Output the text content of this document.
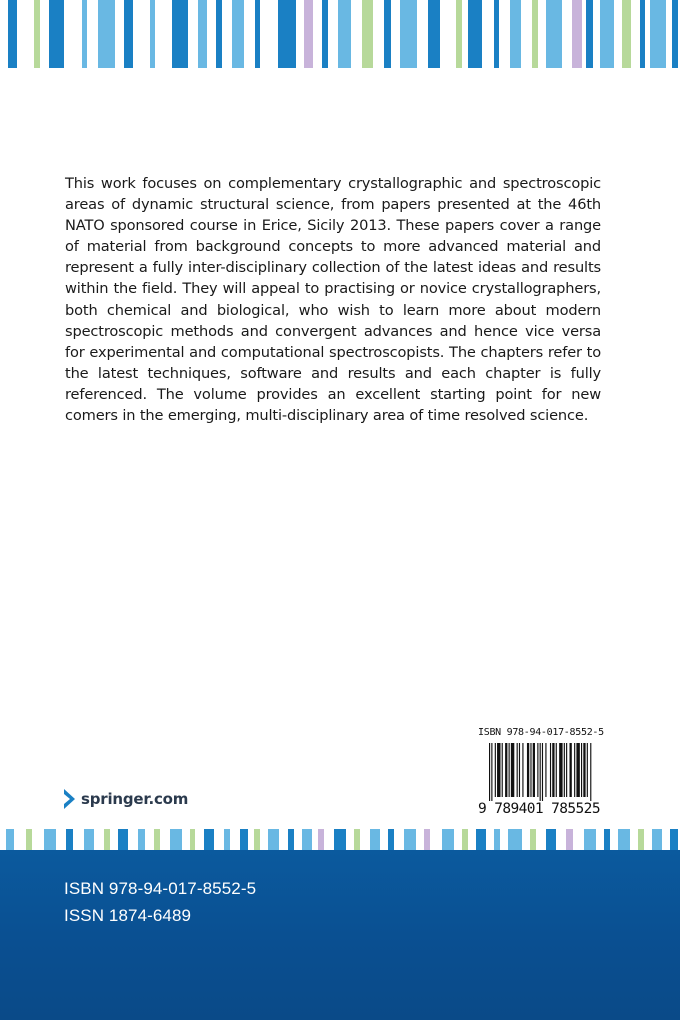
This work focuses on complementary crystallographic and spectroscopic areas of dynamic structural science, from papers presented at the 46th NATO sponsored course in Erice, Sicily 2013. These papers cover a range of material from background concepts to more advanced material and represent a fully inter-disciplinary collection of the latest ideas and results within the field. They will appeal to practising or novice crystallographers, both chemical and biological, who wish to learn more about modern spectroscopic methods and convergent advances and hence vice versa for experimental and computational spectroscopists. The chapters refer to the latest techniques, software and results and each chapter is fully referenced. The volume provides an excellent starting point for new comers in the emerging, multi-disciplinary area of time resolved science.

springer.com
ISBN 978-94-017-8552-5
9 789401 785525
ISBN 978-94-017-8552-5
ISSN 1874-6489
